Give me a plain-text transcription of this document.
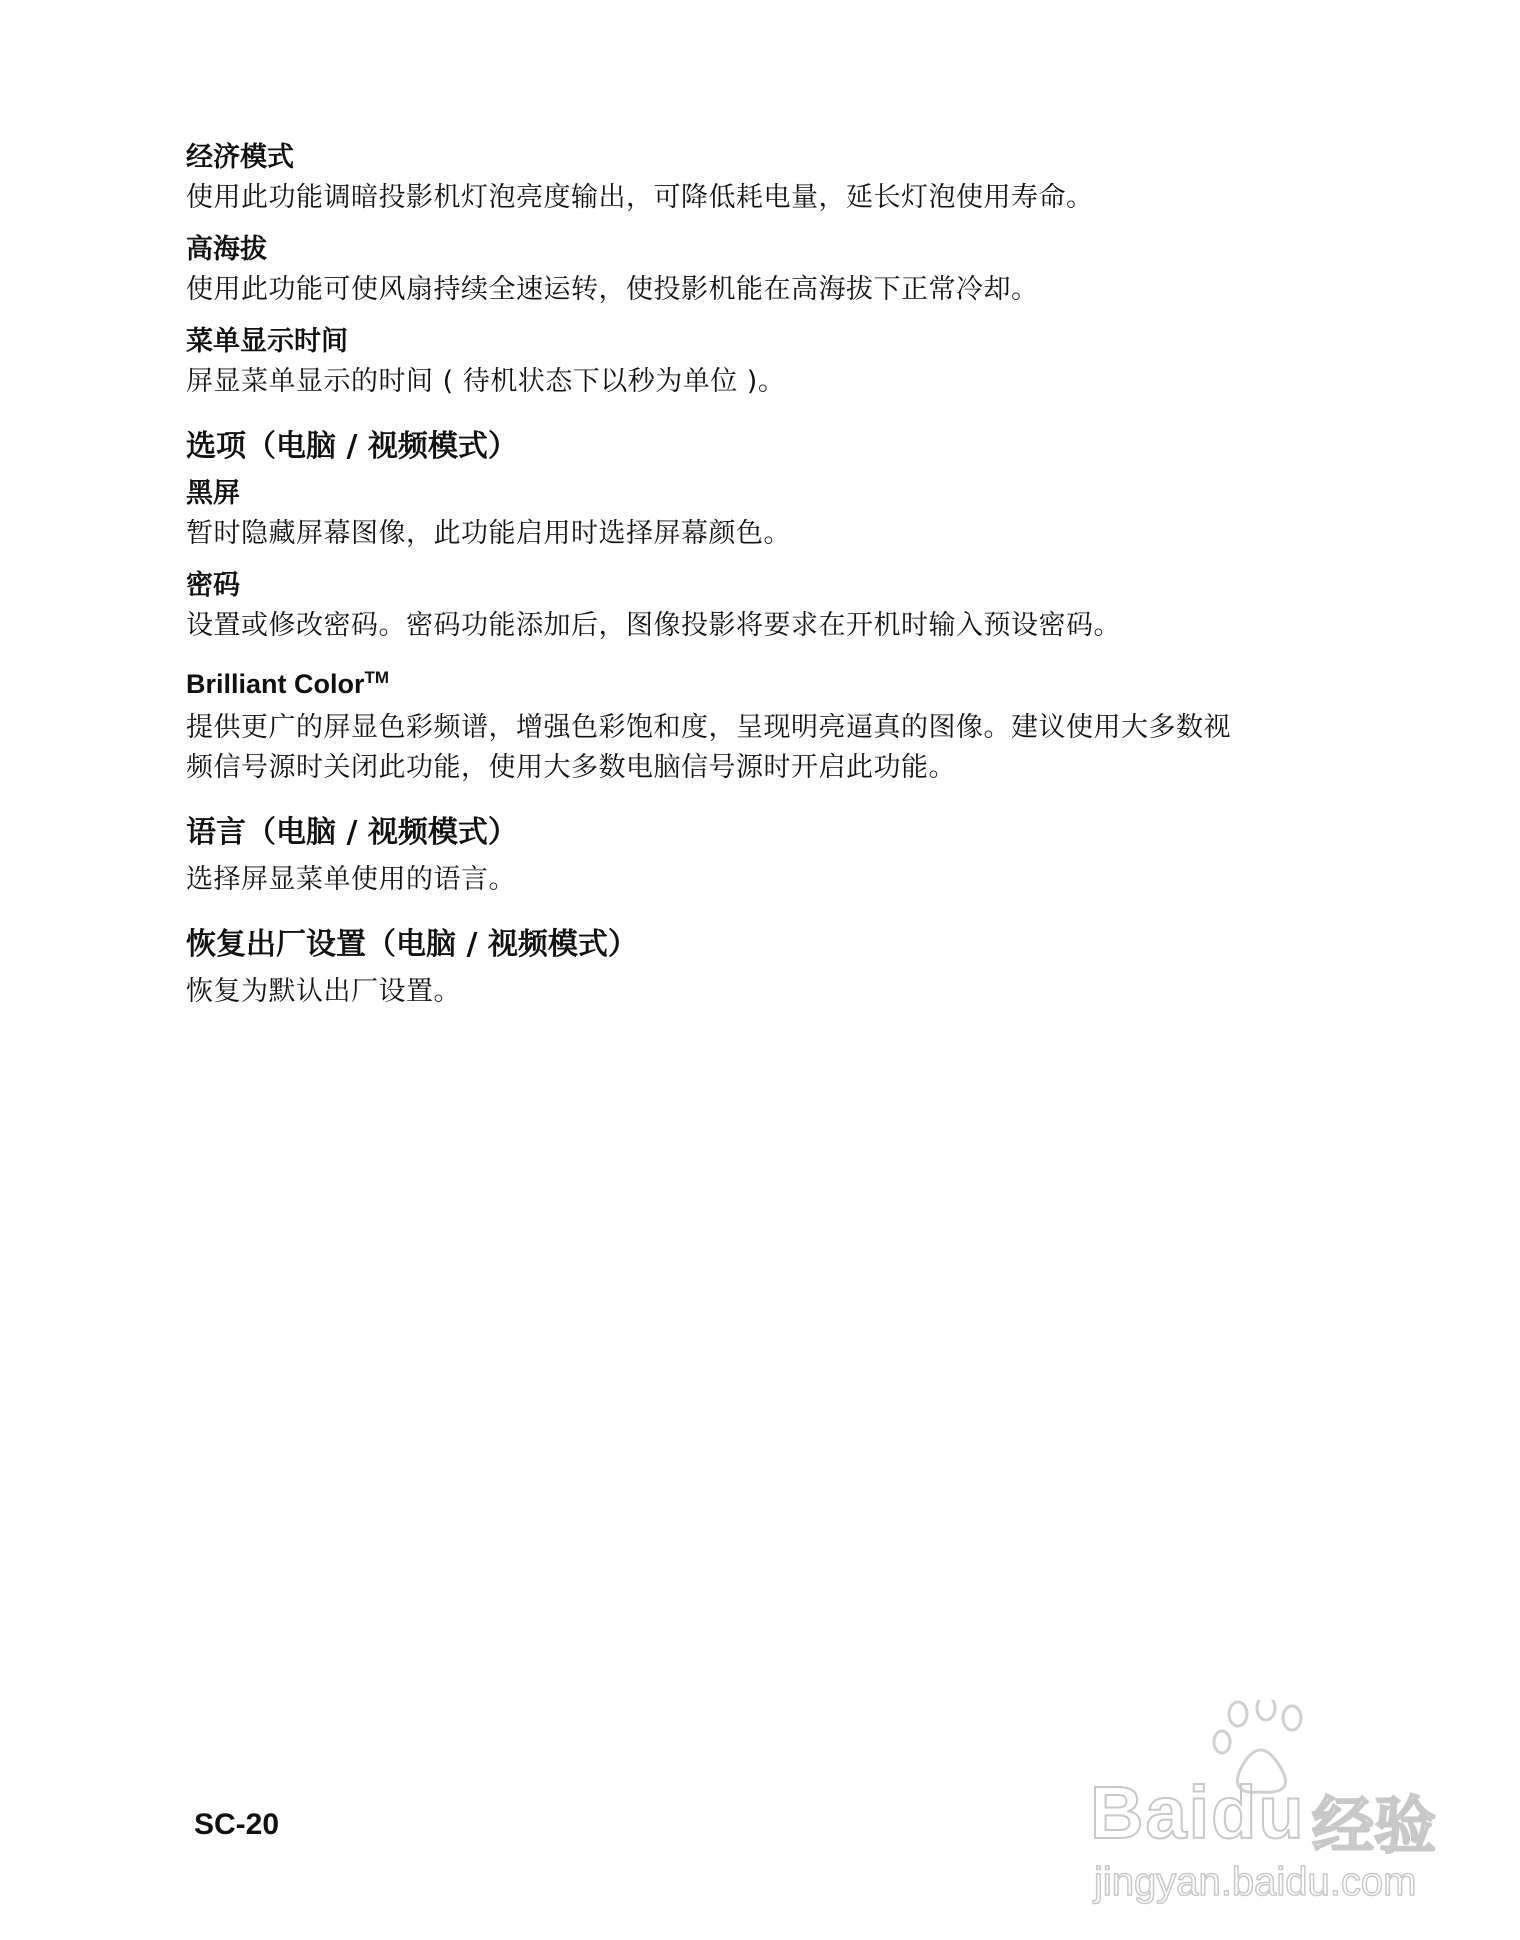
经济模式

使用此功能调暗投影机灯泡亮度输出，可降低耗电量，延长灯泡使用寿命。

高海拔

使用此功能可使风扇持续全速运转，使投影机能在高海拔下正常冷却。

菜单显示时间

屏显菜单显示的时间 ( 待机状态下以秒为单位 )。

选项（电脑 / 视频模式）

黑屏

暂时隐藏屏幕图像，此功能启用时选择屏幕颜色。

密码

设置或修改密码。密码功能添加后，图像投影将要求在开机时输入预设密码。

Brilliant Color™

提供更广的屏显色彩频谱，增强色彩饱和度，呈现明亮逼真的图像。建议使用大多数视

频信号源时关闭此功能，使用大多数电脑信号源时开启此功能。

语言（电脑 / 视频模式）

选择屏显菜单使用的语言。

恢复出厂设置（电脑 / 视频模式）

恢复为默认出厂设置。

SC-20	Baidu 经验
jingyan.baidu.com
